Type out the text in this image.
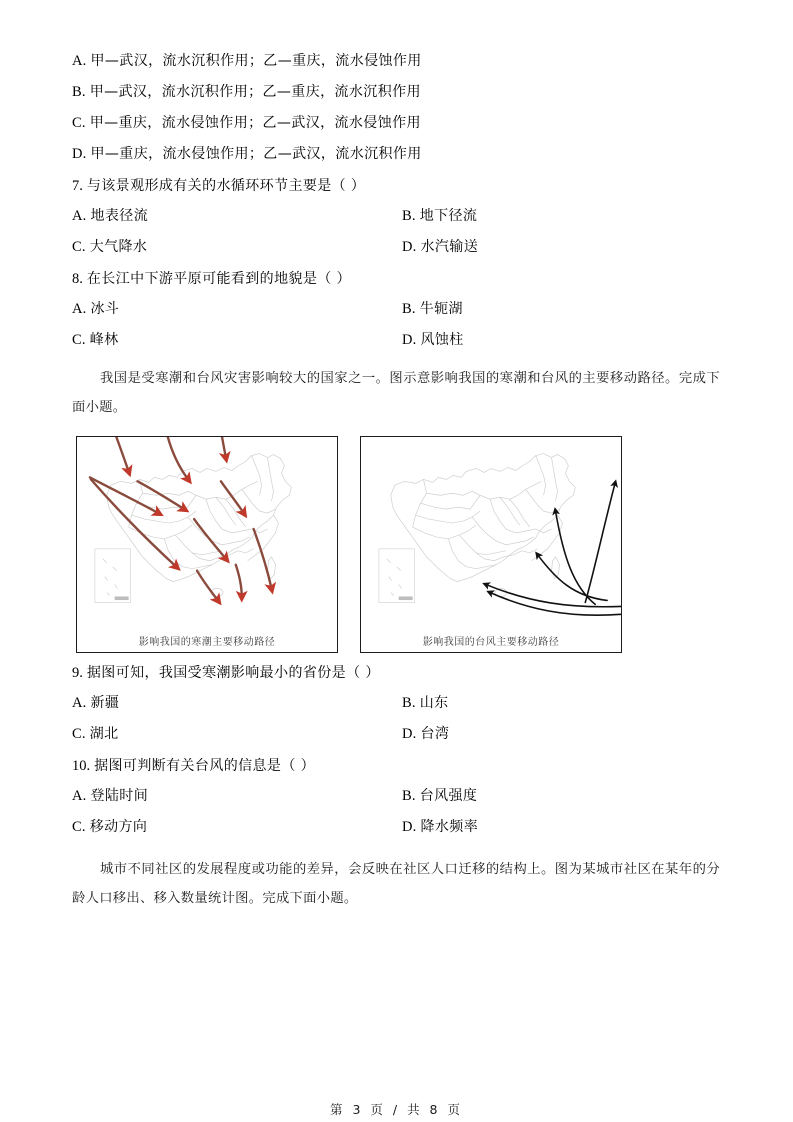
A. 甲—武汉，流水沉积作用；乙—重庆，流水侵蚀作用
B. 甲—武汉，流水沉积作用；乙—重庆，流水沉积作用
C. 甲—重庆，流水侵蚀作用；乙—武汉，流水侵蚀作用
D. 甲—重庆，流水侵蚀作用；乙—武汉，流水沉积作用
7. 与该景观形成有关的水循环环节主要是（ ）
A. 地表径流	B. 地下径流
C. 大气降水	D. 水汽输送
8. 在长江中下游平原可能看到的地貌是（ ）
A. 冰斗	B. 牛轭湖
C. 峰林	D. 风蚀柱

我国是受寒潮和台风灾害影响较大的国家之一。图示意影响我国的寒潮和台风的主要移动路径。完成下面小题。

影响我国的寒潮主要移动路径	影响我国的台风主要移动路径
9. 据图可知，我国受寒潮影响最小的省份是（ ）
A. 新疆	B. 山东
C. 湖北	D. 台湾
10. 据图可判断有关台风的信息是（ ）
A. 登陆时间	B. 台风强度
C. 移动方向	D. 降水频率

城市不同社区的发展程度或功能的差异，会反映在社区人口迁移的结构上。图为某城市社区在某年的分龄人口移出、移入数量统计图。完成下面小题。

第 3 页 / 共 8 页
